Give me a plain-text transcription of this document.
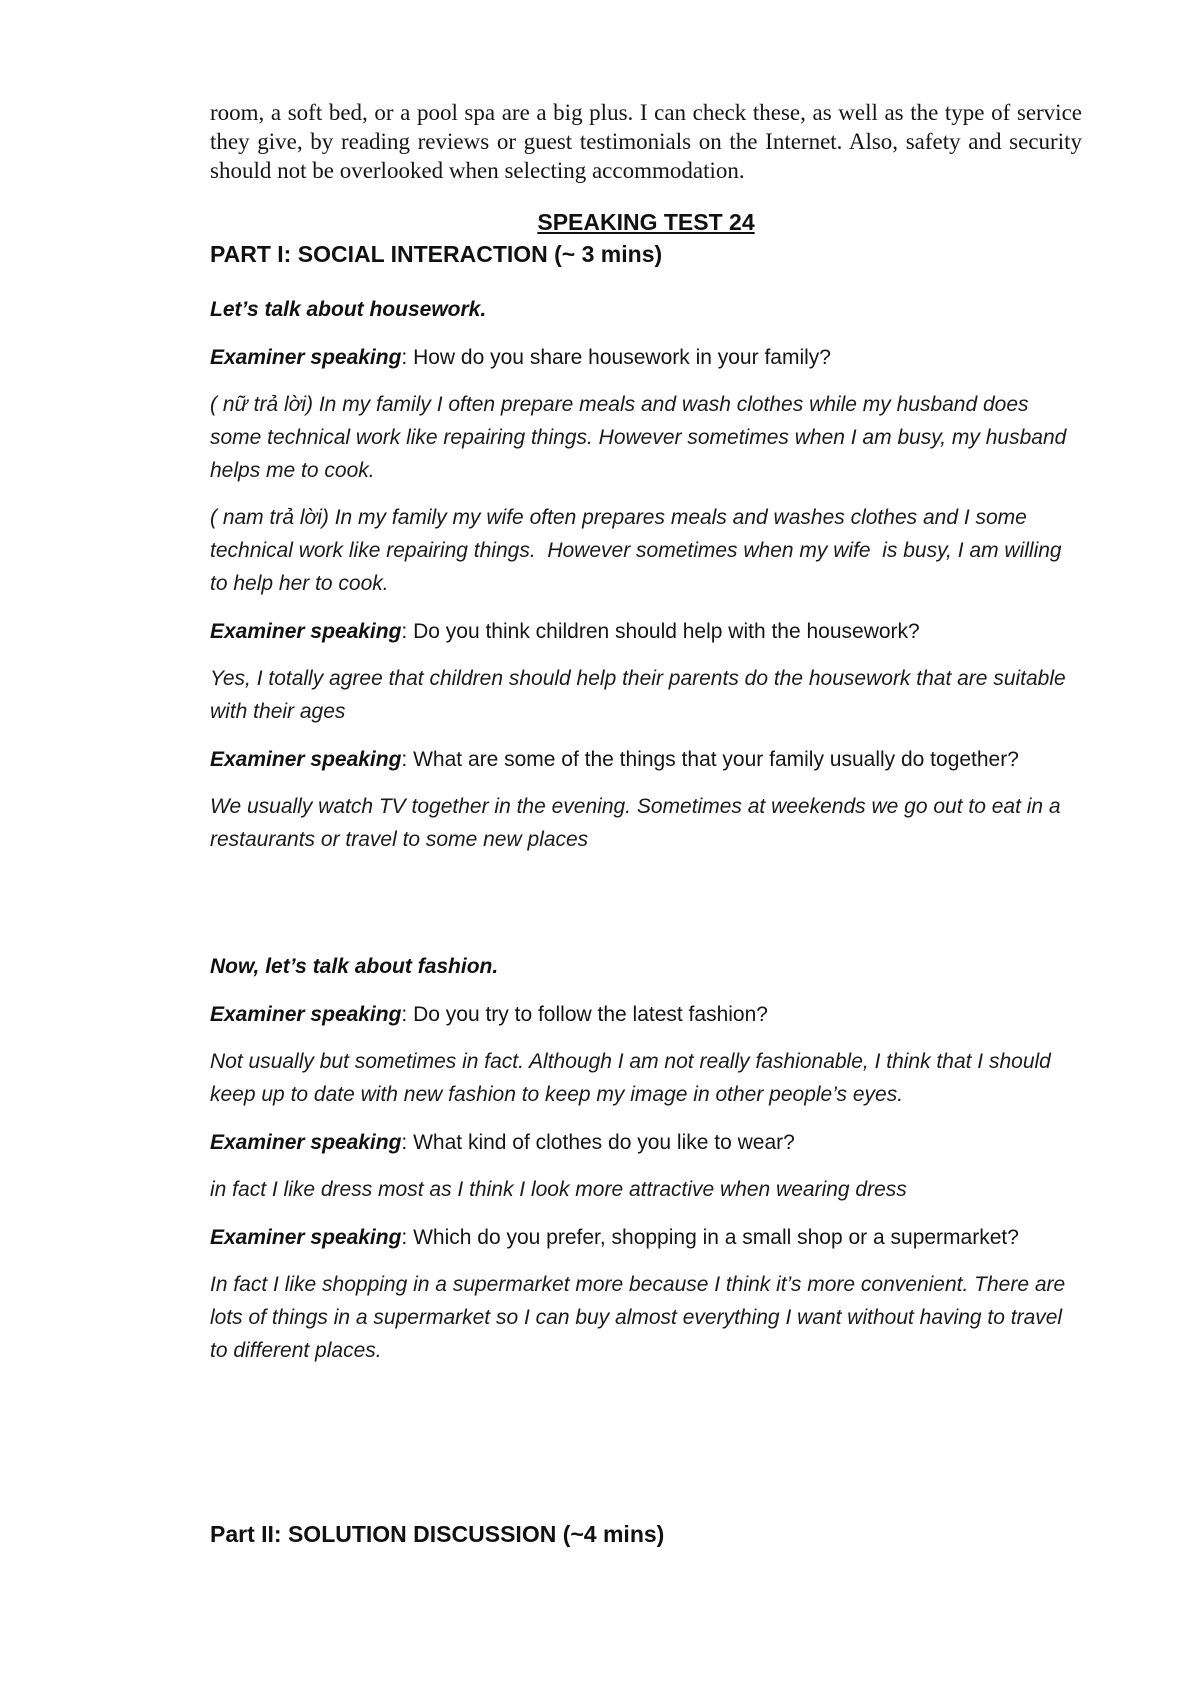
room, a soft bed, or a pool spa are a big plus. I can check these, as well as the type of service they give, by reading reviews or guest testimonials on the Internet. Also, safety and security should not be overlooked when selecting accommodation.

SPEAKING TEST 24
PART I: SOCIAL INTERACTION (~ 3 mins)

Let’s talk about housework.

Examiner speaking: How do you share housework in your family?

( nữ trả lời) In my family I often prepare meals and wash clothes while my husband does some technical work like repairing things. However sometimes when I am busy, my husband helps me to cook.

( nam trả lời) In my family my wife often prepares meals and washes clothes and I some technical work like repairing things.  However sometimes when my wife  is busy, I am willing to help her to cook.

Examiner speaking: Do you think children should help with the housework?

Yes, I totally agree that children should help their parents do the housework that are suitable with their ages

Examiner speaking: What are some of the things that your family usually do together?

We usually watch TV together in the evening. Sometimes at weekends we go out to eat in a restaurants or travel to some new places

Now, let’s talk about fashion.

Examiner speaking: Do you try to follow the latest fashion?

Not usually but sometimes in fact. Although I am not really fashionable, I think that I should keep up to date with new fashion to keep my image in other people’s eyes.

Examiner speaking: What kind of clothes do you like to wear?

in fact I like dress most as I think I look more attractive when wearing dress

Examiner speaking: Which do you prefer, shopping in a small shop or a supermarket?

In fact I like shopping in a supermarket more because I think it’s more convenient. There are lots of things in a supermarket so I can buy almost everything I want without having to travel to different places.

Part II: SOLUTION DISCUSSION (~4 mins)
